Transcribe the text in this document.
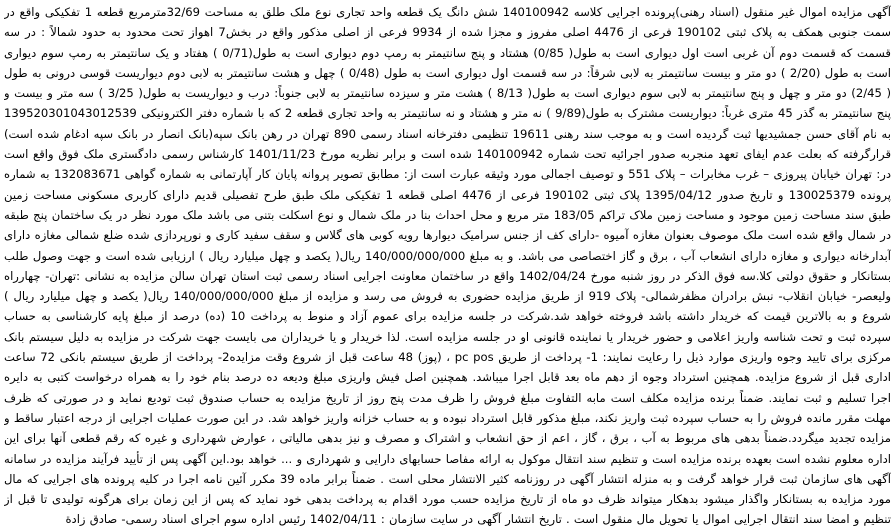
آگهی مزایده اموال غیر منقول (اسناد رهنی)پرونده اجرایی کلاسه 140100942 شش دانگ یک قطعه واحد تجاری نوع ملک طلق به مساحت 32/69مترمربع قطعه 1 تفکیکی واقع در سمت جنوبی همکف به پلاک ثبتی 190102 فرعی از 4476 اصلی مفروز و مجزا شده از 9934 فرعی از اصلی مذکور واقع در بخش7 اهواز تحت محدود به حدود شمالاً : در سه قسمت که قسمت دوم آن غربی است اول دیواری است به طول( 0/85) هشتاد و پنج سانتیمتر به رمپ دوم دیواری است به طول(0/71 ) هفتاد و یک سانتیمتر به رمپ سوم دیواری است به طول (2/20 ) دو متر و بیست سانتیمتر به لابی شرقاً: در سه قسمت اول دیواری است به طول (0/48 ) چهل و هشت سانتیمتر به لابی دوم دیواریست قوسی درونی به طول ( 2/45) دو متر و چهل و پنج سانتیمتر به لابی سوم دیواری است به طول( 8/13 ) هشت متر و سیزده سانتیمتر به لابی جنوباً: درب و دیواریست به طول( 3/25 ) سه متر و بیست و پنج سانتیمتر به گذر 45 متری غرباً: دیواریست مشترک به طول(9/89 ) نه متر و هشتاد و نه سانتیمتر به واحد تجاری قطعه 2 که با شماره دفتر الکترونیکی 139520301043012539 به نام آقای حسن جمشیدیها ثبت گردیده است و به موجب سند رهنی 19611 تنظیمی دفترخانه اسناد رسمی 890 تهران در رهن بانک سپه(بانک انصار در بانک سپه ادغام شده است) قرارگرفته که بعلت عدم ایفای تعهد منجربه صدور اجرائیه تحت شماره 140100942 شده است و برابر نظریه مورخ 1401/11/23 کارشناس رسمی دادگستری ملک فوق واقع است در: تهران خیابان پیروزی – غرب مخابرات – پلاک 551 و توصیف اجمالی مورد وثیقه عبارت است از: مطابق تصویر پروانه پایان کار آپارتمانی به شماره گواهی 132083671 به شماره پرونده 130025379 و تاریخ صدور 1395/04/12 پلاک ثبتی 190102 فرعی از 4476 اصلی قطعه 1 تفکیکی ملک طبق طرح تفصیلی قدیم دارای کاربری مسکونی مساحت زمین طبق سند مساحت زمین موجود و مساحت زمین ملاک تراکم 183/05 متر مربع و محل احداث بنا در ملک شمال و نوع اسکلت بتنی می باشد ملک مورد نظر در یک ساختمان پنج طبقه در شمال واقع شده است ملک موصوف بعنوان مغازه آمیوه -دارای کف از جنس سرامیک دیوارها رویه کوبی های گلاس و سقف سفید کاری و نورپردازی شده ضلع شمالی مغازه دارای آبدارخانه دیواری و مغازه دارای انشعاب آب ، برق و گاز اختصاصی می باشد. و به مبلغ 140/000/000/000 ریال( یکصد و چهل میلیارد ریال ) ارزیابی شده است و جهت وصول طلب بستانکار و حقوق دولتی کلا.سه فوق الذکر در روز شنبه مورخ 1402/04/24 واقع در ساختمان معاونت اجرایی اسناد رسمی ثبت استان تهران سالن مزایده به نشانی :تهران- چهارراه ولیعصر- خیابان انقلاب- نبش برادران مظفرشمالی- پلاک 919 از طریق مزایده حضوری به فروش می رسد و مزایده از مبلغ 140/000/000/000 ریال( یکصد و چهل میلیارد ریال ) شروع و به بالاترین قیمت که خریدار داشته باشد فروخته خواهد شد.شرکت در جلسه مزایده برای عموم آزاد و منوط به پرداخت 10 (ده) درصد از مبلغ پایه کارشناسی به حساب سپرده ثبت و تحت شناسه واریز اعلامی و حضور خریدار یا نماینده قانونی او در جلسه مزایده است. لذا خریدار و یا خریداران می بایست جهت شرکت در مزایده به دلیل سیستم بانک مرکزی برای تایید وجوه واریزی موارد ذیل را رعایت نمایند: 1- پرداخت از طریق pc pos ، (پوز) 48 ساعت قبل از شروع وقت مزایده2- پرداخت از طریق سیستم بانکی 72 ساعت اداری قبل از شروع مزایده. همچنین استرداد وجوه از دهم ماه بعد قابل اجرا میباشد. همچنین اصل فیش واریزی مبلغ ودیعه ده درصد بنام خود را به همراه درخواست کتبی به دایره اجرا تسلیم و ثبت نمایند. ضمناً برنده مزایده مکلف است مابه التفاوت مبلغ فروش را ظرف مدت پنج روز از تاریخ مزایده به حساب صندوق ثبت تودیع نماید و در صورتی که ظرف مهلت مقرر مانده فروش را به حساب سپرده ثبت واریز نکند، مبلغ مذکور قابل استرداد نبوده و به حساب خزانه واریز خواهد شد. در این صورت عملیات اجرایی از درجه اعتبار ساقط و مزایده تجدید میگردد.ضمناً بدهی های مربوط به آب ، برق ، گاز ، اعم از حق انشعاب و اشتراک و مصرف و نیز بدهی مالیاتی ، عوارض شهرداری و غیره که رقم قطعی آنها برای این اداره معلوم نشده است بعهده برنده مزایده است و تنظیم سند انتقال موکول به ارائه مفاصا حسابهای دارایی و شهرداری و ... خواهد بود.این آگهی پس از تأیید فرآیند مزایده در سامانه آگهی های سازمان ثبت قرار خواهد گرفت و به منزله انتشار آگهی در روزنامه کثیر الانتشار محلی است . ضمناً برابر ماده 39 مکرر آئین نامه اجرا در کلیه پرونده های اجرایی که مال مورد مزایده به بستانکار واگذار میشود بدهکار میتواند ظرف دو ماه از تاریخ مزایده حسب مورد اقدام به پرداخت بدهی خود نماید که پس از این زمان برای هرگونه تولیدی تا قبل از تنظیم و امضا سند انتقال اجرایی اموال یا تحویل مال منقول است . تاریخ انتشار آگهی در سایت سازمان : 1402/04/11 رئیس اداره سوم اجرای اسناد رسمی- صادق زادة
